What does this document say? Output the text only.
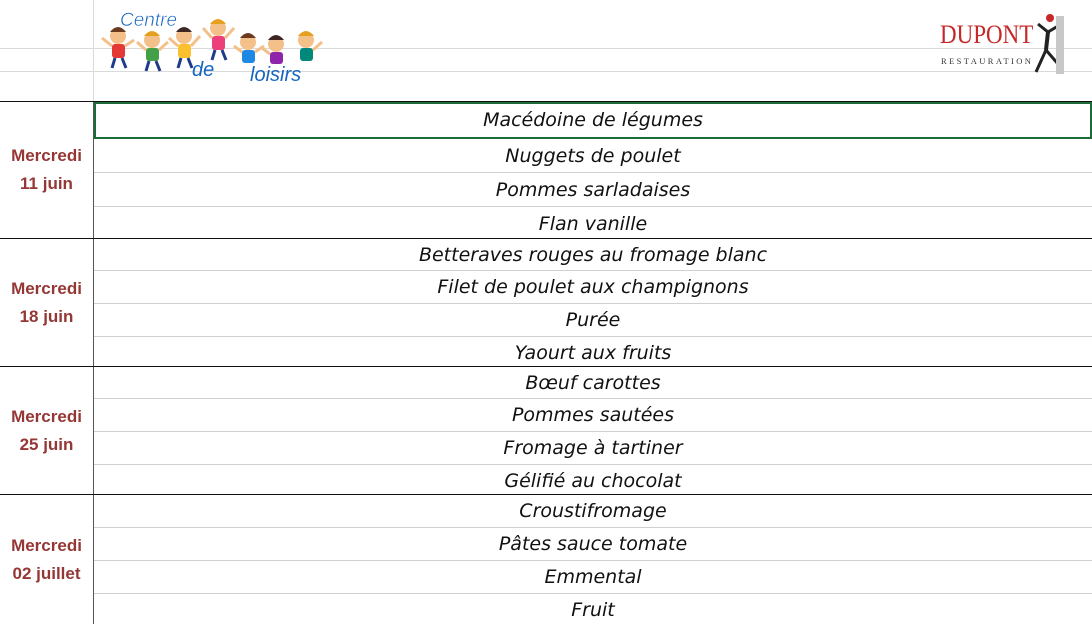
Centre
de loisirs
DUPONT
RESTAURATION
Mercredi
11 juin
Macédoine de légumes
Nuggets de poulet
Pommes sarladaises
Flan vanille
Mercredi
18 juin
Betteraves rouges au fromage blanc
Filet de poulet aux champignons
Purée
Yaourt aux fruits
Mercredi
25 juin
Bœuf carottes
Pommes sautées
Fromage à tartiner
Gélifié au chocolat
Mercredi
02 juillet
Croustifromage
Pâtes sauce tomate
Emmental
Fruit
